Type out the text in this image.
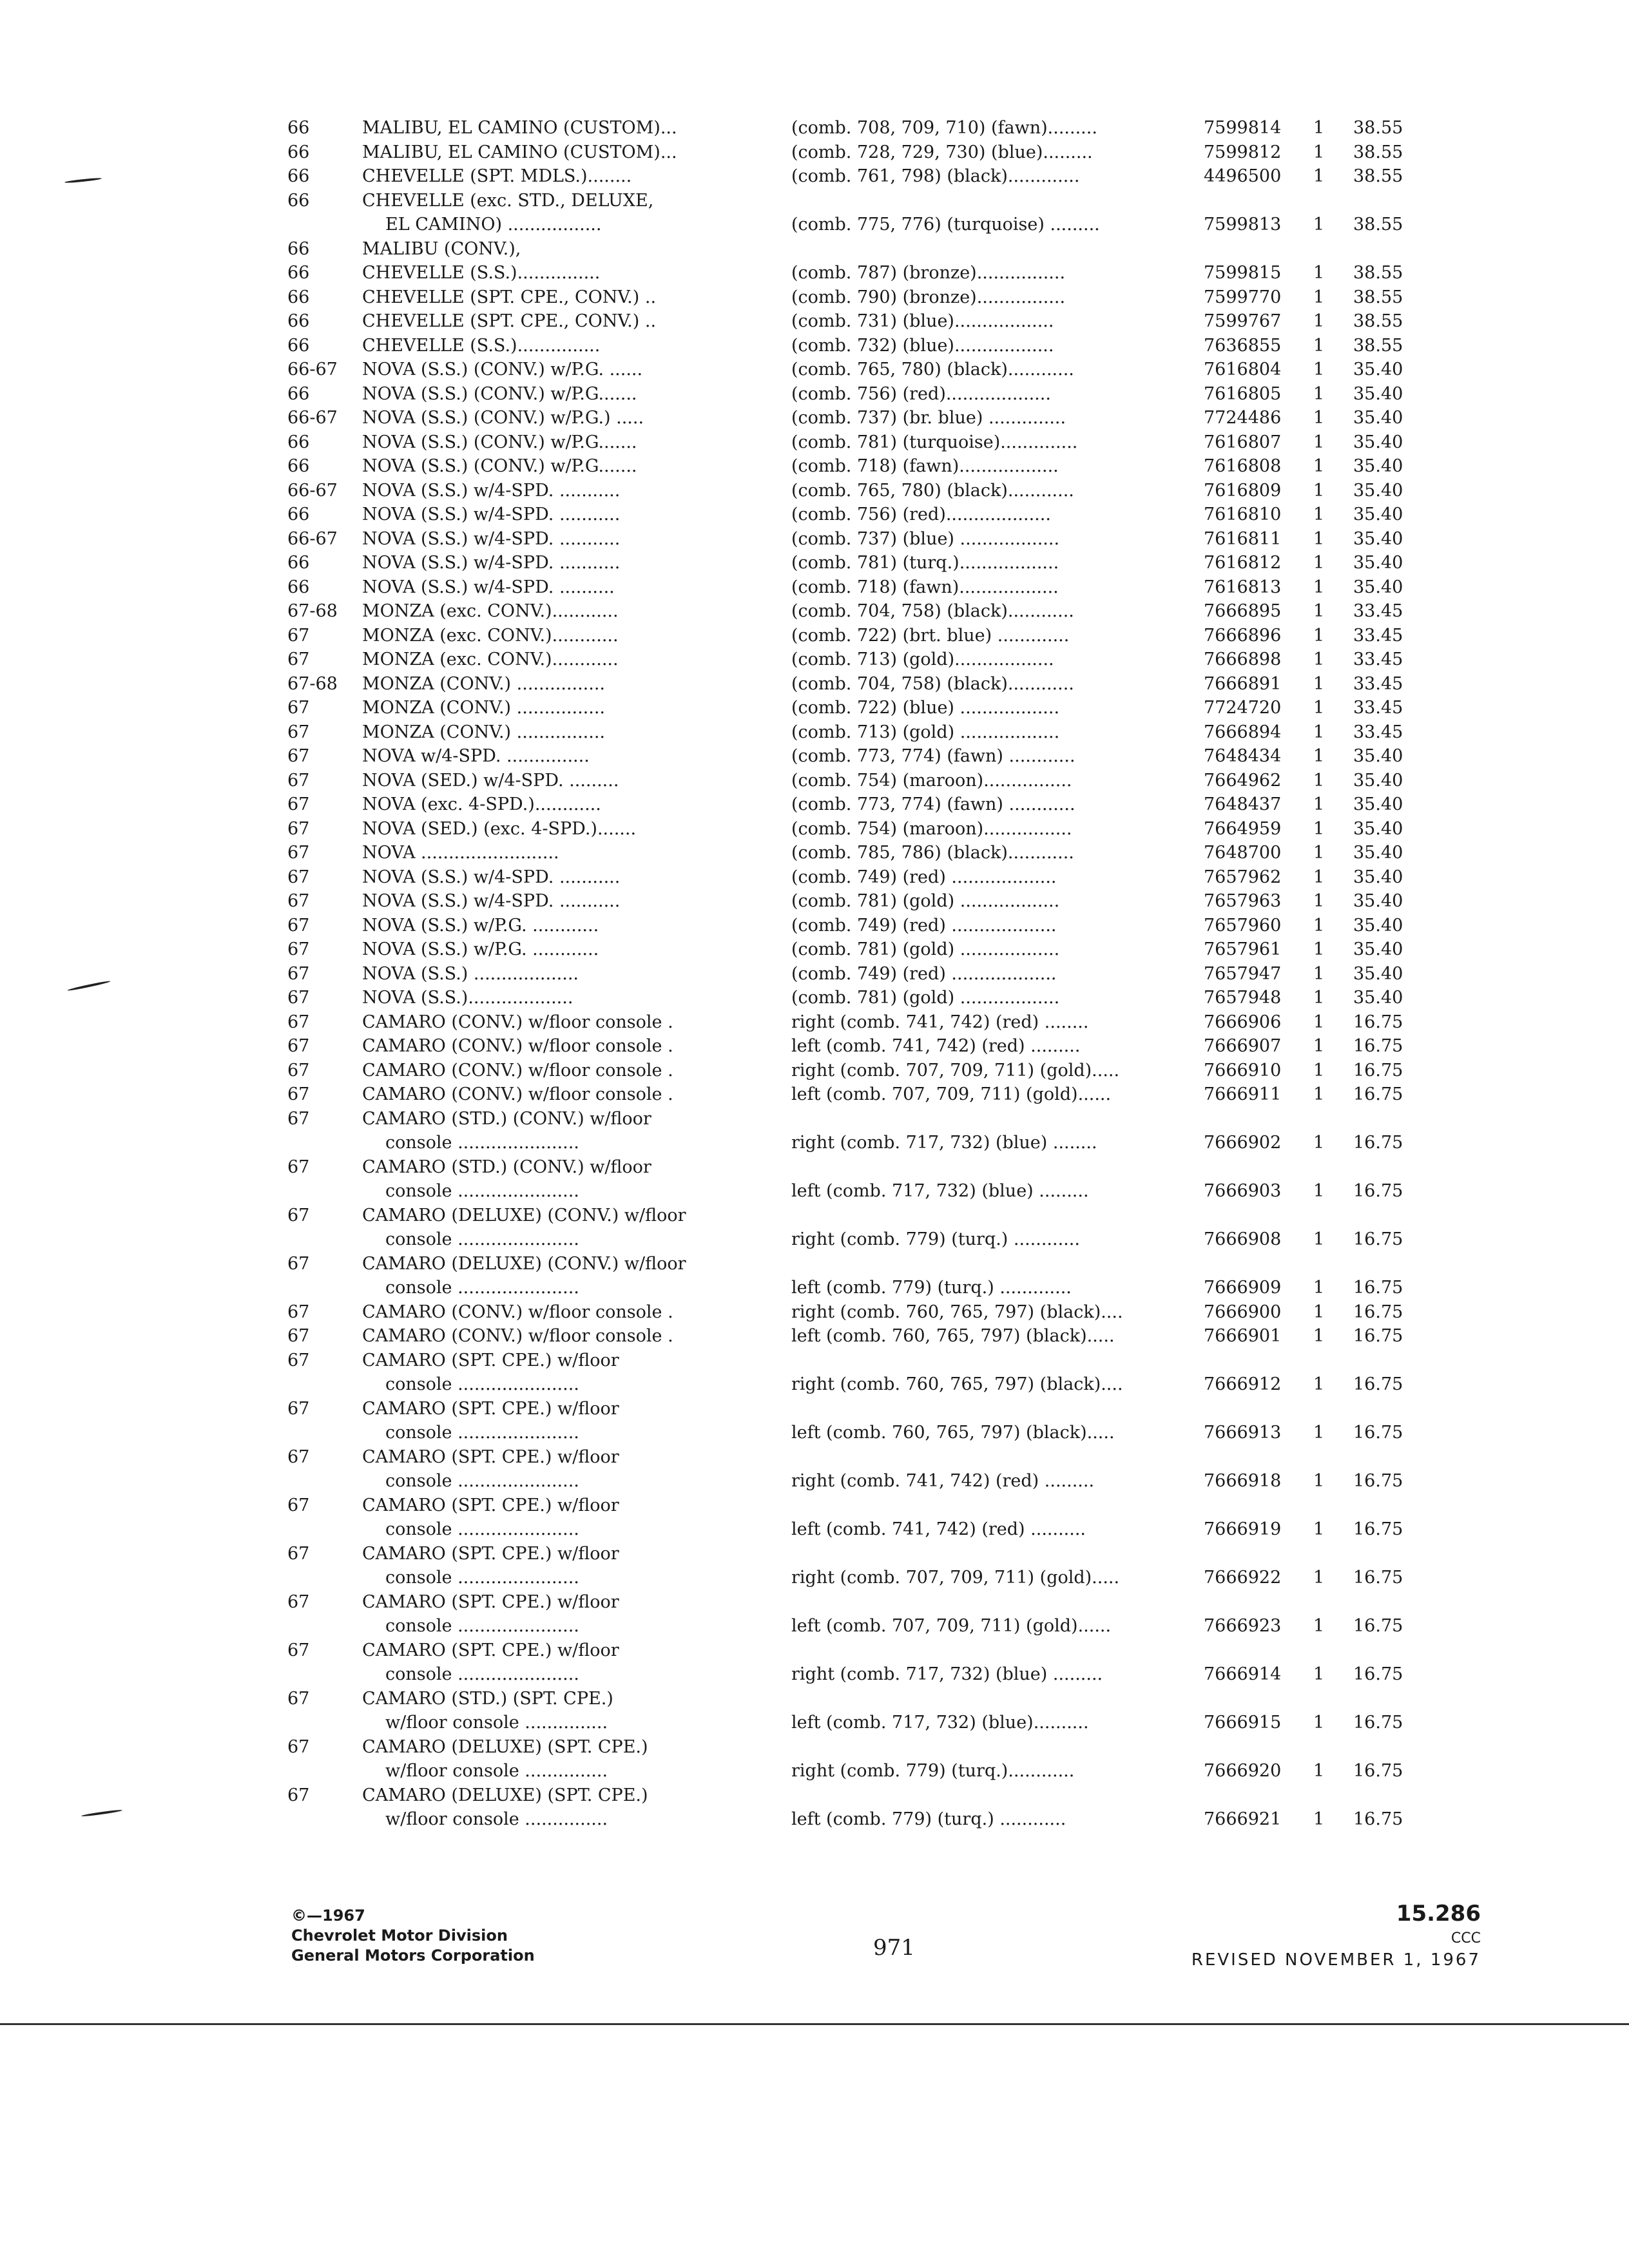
66	MALIBU, EL CAMINO (CUSTOM)...	(comb. 708, 709, 710) (fawn).........	7599814 1 38.55
66	MALIBU, EL CAMINO (CUSTOM)...	(comb. 728, 729, 730) (blue).........	7599812 1 38.55
66	CHEVELLE (SPT. MDLS.)........	(comb. 761, 798) (black).............	4496500 1 38.55
66	CHEVELLE (exc. STD., DELUXE,
EL CAMINO) .................	(comb. 775, 776) (turquoise) .........	7599813 1 38.55
66	MALIBU (CONV.),
66	CHEVELLE (S.S.)...............	(comb. 787) (bronze)................	7599815 1 38.55
66	CHEVELLE (SPT. CPE., CONV.) ..	(comb. 790) (bronze)................	7599770 1 38.55
66	CHEVELLE (SPT. CPE., CONV.) ..	(comb. 731) (blue)..................	7599767 1 38.55
66	CHEVELLE (S.S.)...............	(comb. 732) (blue)..................	7636855 1 38.55
66-67 NOVA (S.S.) (CONV.) w/P.G. ......	(comb. 765, 780) (black)............	7616804 1 35.40
66	NOVA (S.S.) (CONV.) w/P.G.......	(comb. 756) (red)...................	7616805 1 35.40
66-67 NOVA (S.S.) (CONV.) w/P.G.) .....	(comb. 737) (br. blue) ..............	7724486 1 35.40
66	NOVA (S.S.) (CONV.) w/P.G.......	(comb. 781) (turquoise)..............	7616807 1 35.40
66	NOVA (S.S.) (CONV.) w/P.G.......	(comb. 718) (fawn)..................	7616808 1 35.40
66-67 NOVA (S.S.) w/4-SPD. ...........	(comb. 765, 780) (black)............	7616809 1 35.40
66	NOVA (S.S.) w/4-SPD. ...........	(comb. 756) (red)...................	7616810 1 35.40
66-67 NOVA (S.S.) w/4-SPD. ...........	(comb. 737) (blue) ..................	7616811 1 35.40
66	NOVA (S.S.) w/4-SPD. ...........	(comb. 781) (turq.)..................	7616812 1 35.40
66	NOVA (S.S.) w/4-SPD. ..........	(comb. 718) (fawn)..................	7616813 1 35.40
67-68 MONZA (exc. CONV.)............	(comb. 704, 758) (black)............	7666895 1 33.45
67	MONZA (exc. CONV.)............	(comb. 722) (brt. blue) .............	7666896 1 33.45
67	MONZA (exc. CONV.)............	(comb. 713) (gold)..................	7666898 1 33.45
67-68 MONZA (CONV.) ................	(comb. 704, 758) (black)............	7666891 1 33.45
67	MONZA (CONV.) ................	(comb. 722) (blue) ..................	7724720 1 33.45
67	MONZA (CONV.) ................	(comb. 713) (gold) ..................	7666894 1 33.45
67	NOVA w/4-SPD. ...............	(comb. 773, 774) (fawn) ............	7648434 1 35.40
67	NOVA (SED.) w/4-SPD. .........	(comb. 754) (maroon)................	7664962 1 35.40
67	NOVA (exc. 4-SPD.)............	(comb. 773, 774) (fawn) ............	7648437 1 35.40
67	NOVA (SED.) (exc. 4-SPD.).......	(comb. 754) (maroon)................	7664959 1 35.40
67	NOVA .........................	(comb. 785, 786) (black)............	7648700 1 35.40
67	NOVA (S.S.) w/4-SPD. ...........	(comb. 749) (red) ...................	7657962 1 35.40
67	NOVA (S.S.) w/4-SPD. ...........	(comb. 781) (gold) ..................	7657963 1 35.40
67	NOVA (S.S.) w/P.G. ............	(comb. 749) (red) ...................	7657960 1 35.40
67	NOVA (S.S.) w/P.G. ............	(comb. 781) (gold) ..................	7657961 1 35.40
67	NOVA (S.S.) ...................	(comb. 749) (red) ...................	7657947 1 35.40
67	NOVA (S.S.)...................	(comb. 781) (gold) ..................	7657948 1 35.40
67	CAMARO (CONV.) w/floor console .	right (comb. 741, 742) (red) ........	7666906 1 16.75
67	CAMARO (CONV.) w/floor console .	left (comb. 741, 742) (red) .........	7666907 1 16.75
67	CAMARO (CONV.) w/floor console .	right (comb. 707, 709, 711) (gold).....	7666910 1 16.75
67	CAMARO (CONV.) w/floor console .	left (comb. 707, 709, 711) (gold)......	7666911 1 16.75
67	CAMARO (STD.) (CONV.) w/floor
console ......................	right (comb. 717, 732) (blue) ........	7666902 1 16.75
67	CAMARO (STD.) (CONV.) w/floor
console ......................	left (comb. 717, 732) (blue) .........	7666903 1 16.75
67	CAMARO (DELUXE) (CONV.) w/floor
console ......................	right (comb. 779) (turq.) ............	7666908 1 16.75
67	CAMARO (DELUXE) (CONV.) w/floor
console ......................	left (comb. 779) (turq.) .............	7666909 1 16.75
67	CAMARO (CONV.) w/floor console .	right (comb. 760, 765, 797) (black)....	7666900 1 16.75
67	CAMARO (CONV.) w/floor console .	left (comb. 760, 765, 797) (black).....	7666901 1 16.75
67	CAMARO (SPT. CPE.) w/floor
console ......................	right (comb. 760, 765, 797) (black)....	7666912 1 16.75
67	CAMARO (SPT. CPE.) w/floor
console ......................	left (comb. 760, 765, 797) (black).....	7666913 1 16.75
67	CAMARO (SPT. CPE.) w/floor
console ......................	right (comb. 741, 742) (red) .........	7666918 1 16.75
67	CAMARO (SPT. CPE.) w/floor
console ......................	left (comb. 741, 742) (red) ..........	7666919 1 16.75
67	CAMARO (SPT. CPE.) w/floor
console ......................	right (comb. 707, 709, 711) (gold).....	7666922 1 16.75
67	CAMARO (SPT. CPE.) w/floor
console ......................	left (comb. 707, 709, 711) (gold)......	7666923 1 16.75
67	CAMARO (SPT. CPE.) w/floor
console ......................	right (comb. 717, 732) (blue) .........	7666914 1 16.75
67	CAMARO (STD.) (SPT. CPE.)
w/floor console ...............	left (comb. 717, 732) (blue)..........	7666915 1 16.75
67	CAMARO (DELUXE) (SPT. CPE.)
w/floor console ...............	right (comb. 779) (turq.)............	7666920 1 16.75
67	CAMARO (DELUXE) (SPT. CPE.)
w/floor console ...............	left (comb. 779) (turq.) ............	7666921 1 16.75
©—1967
Chevrolet Motor Division
General Motors Corporation	971
15.286
CCC
REVISED NOVEMBER 1, 1967
